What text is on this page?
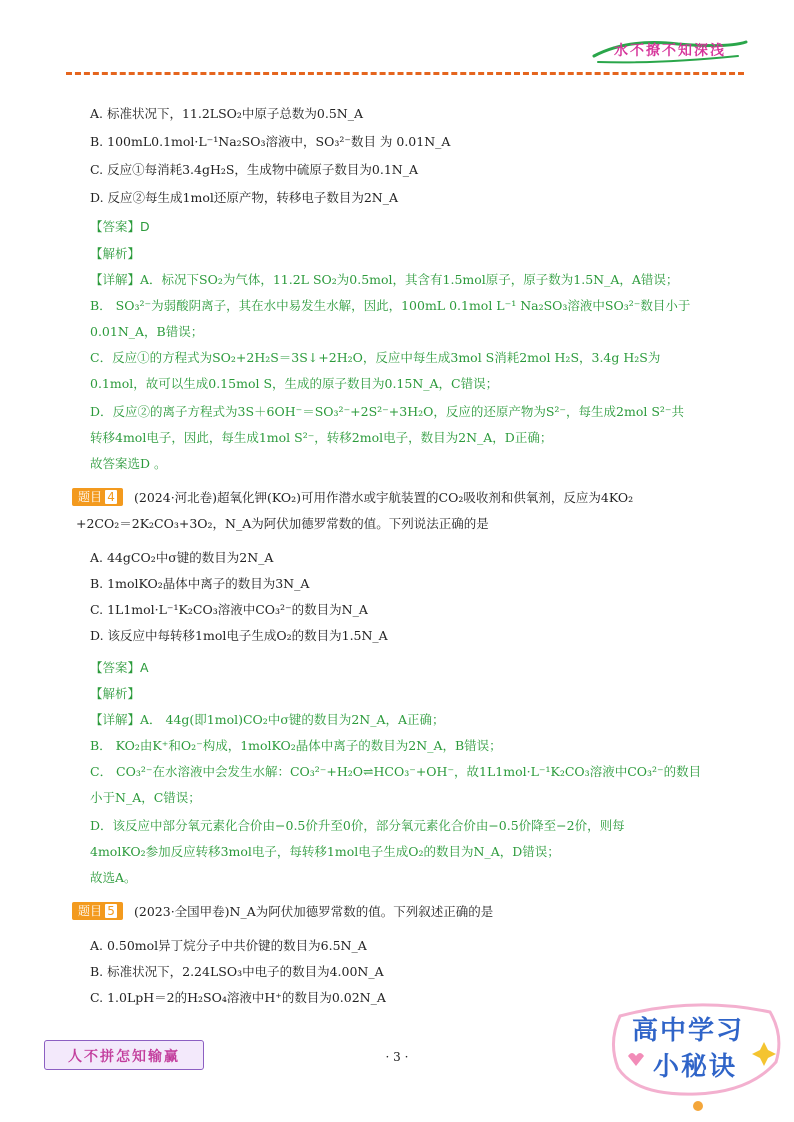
水不撩不知深浅
A. 标准状况下，11.2LSO₂中原子总数为0.5N_A
B. 100mL0.1mol·L⁻¹Na₂SO₃溶液中，SO₃²⁻数目 为 0.01N_A
C. 反应①每消耗3.4gH₂S，生成物中硫原子数目为0.1N_A
D. 反应②每生成1mol还原产物，转移电子数目为2N_A
【答案】D
【解析】
【详解】A．标况下SO₂为气体，11.2L SO₂为0.5mol，其含有1.5mol原子，原子数为1.5N_A，A错误；
B． SO₃²⁻为弱酸阴离子，其在水中易发生水解，因此，100mL 0.1mol L⁻¹ Na₂SO₃溶液中SO₃²⁻数目小于
0.01N_A，B错误；
C．反应①的方程式为SO₂+2H₂S＝3S↓+2H₂O，反应中每生成3mol S消耗2mol H₂S，3.4g H₂S为
0.1mol，故可以生成0.15mol S，生成的原子数目为0.15N_A，C错误；
D．反应②的离子方程式为3S＋6OH⁻＝SO₃²⁻+2S²⁻+3H₂O，反应的还原产物为S²⁻，每生成2mol S²⁻共
转移4mol电子，因此，每生成1mol S²⁻，转移2mol电子，数目为2N_A，D正确；
故答案选D 。
题目 4	(2024·河北卷)超氧化钾(KO₂)可用作潜水或宇航装置的CO₂吸收剂和供氧剂，反应为4KO₂
+2CO₂＝2K₂CO₃+3O₂，N_A为阿伏加德罗常数的值。下列说法正确的是
A. 44gCO₂中σ键的数目为2N_A
B. 1molKO₂晶体中离子的数目为3N_A
C. 1L1mol·L⁻¹K₂CO₃溶液中CO₃²⁻的数目为N_A
D. 该反应中每转移1mol电子生成O₂的数目为1.5N_A
【答案】A
【解析】
【详解】A． 44g(即1mol)CO₂中σ键的数目为2N_A，A正确；
B． KO₂由K⁺和O₂⁻构成，1molKO₂晶体中离子的数目为2N_A，B错误；
C． CO₃²⁻在水溶液中会发生水解：CO₃²⁻+H₂O⇌HCO₃⁻+OH⁻，故1L1mol·L⁻¹K₂CO₃溶液中CO₃²⁻的数目
小于N_A，C错误；
D．该反应中部分氧元素化合价由−0.5价升至0价，部分氧元素化合价由−0.5价降至−2价，则每
4molKO₂参加反应转移3mol电子，每转移1mol电子生成O₂的数目为N_A，D错误；
故选A。
题目 5	(2023·全国甲卷)N_A为阿伏加德罗常数的值。下列叙述正确的是
A. 0.50mol异丁烷分子中共价键的数目为6.5N_A
B. 标准状况下，2.24LSO₃中电子的数目为4.00N_A
C. 1.0LpH＝2的H₂SO₄溶液中H⁺的数目为0.02N_A
人不拼怎知输赢	· 3 ·
高中学习
小秘诀
